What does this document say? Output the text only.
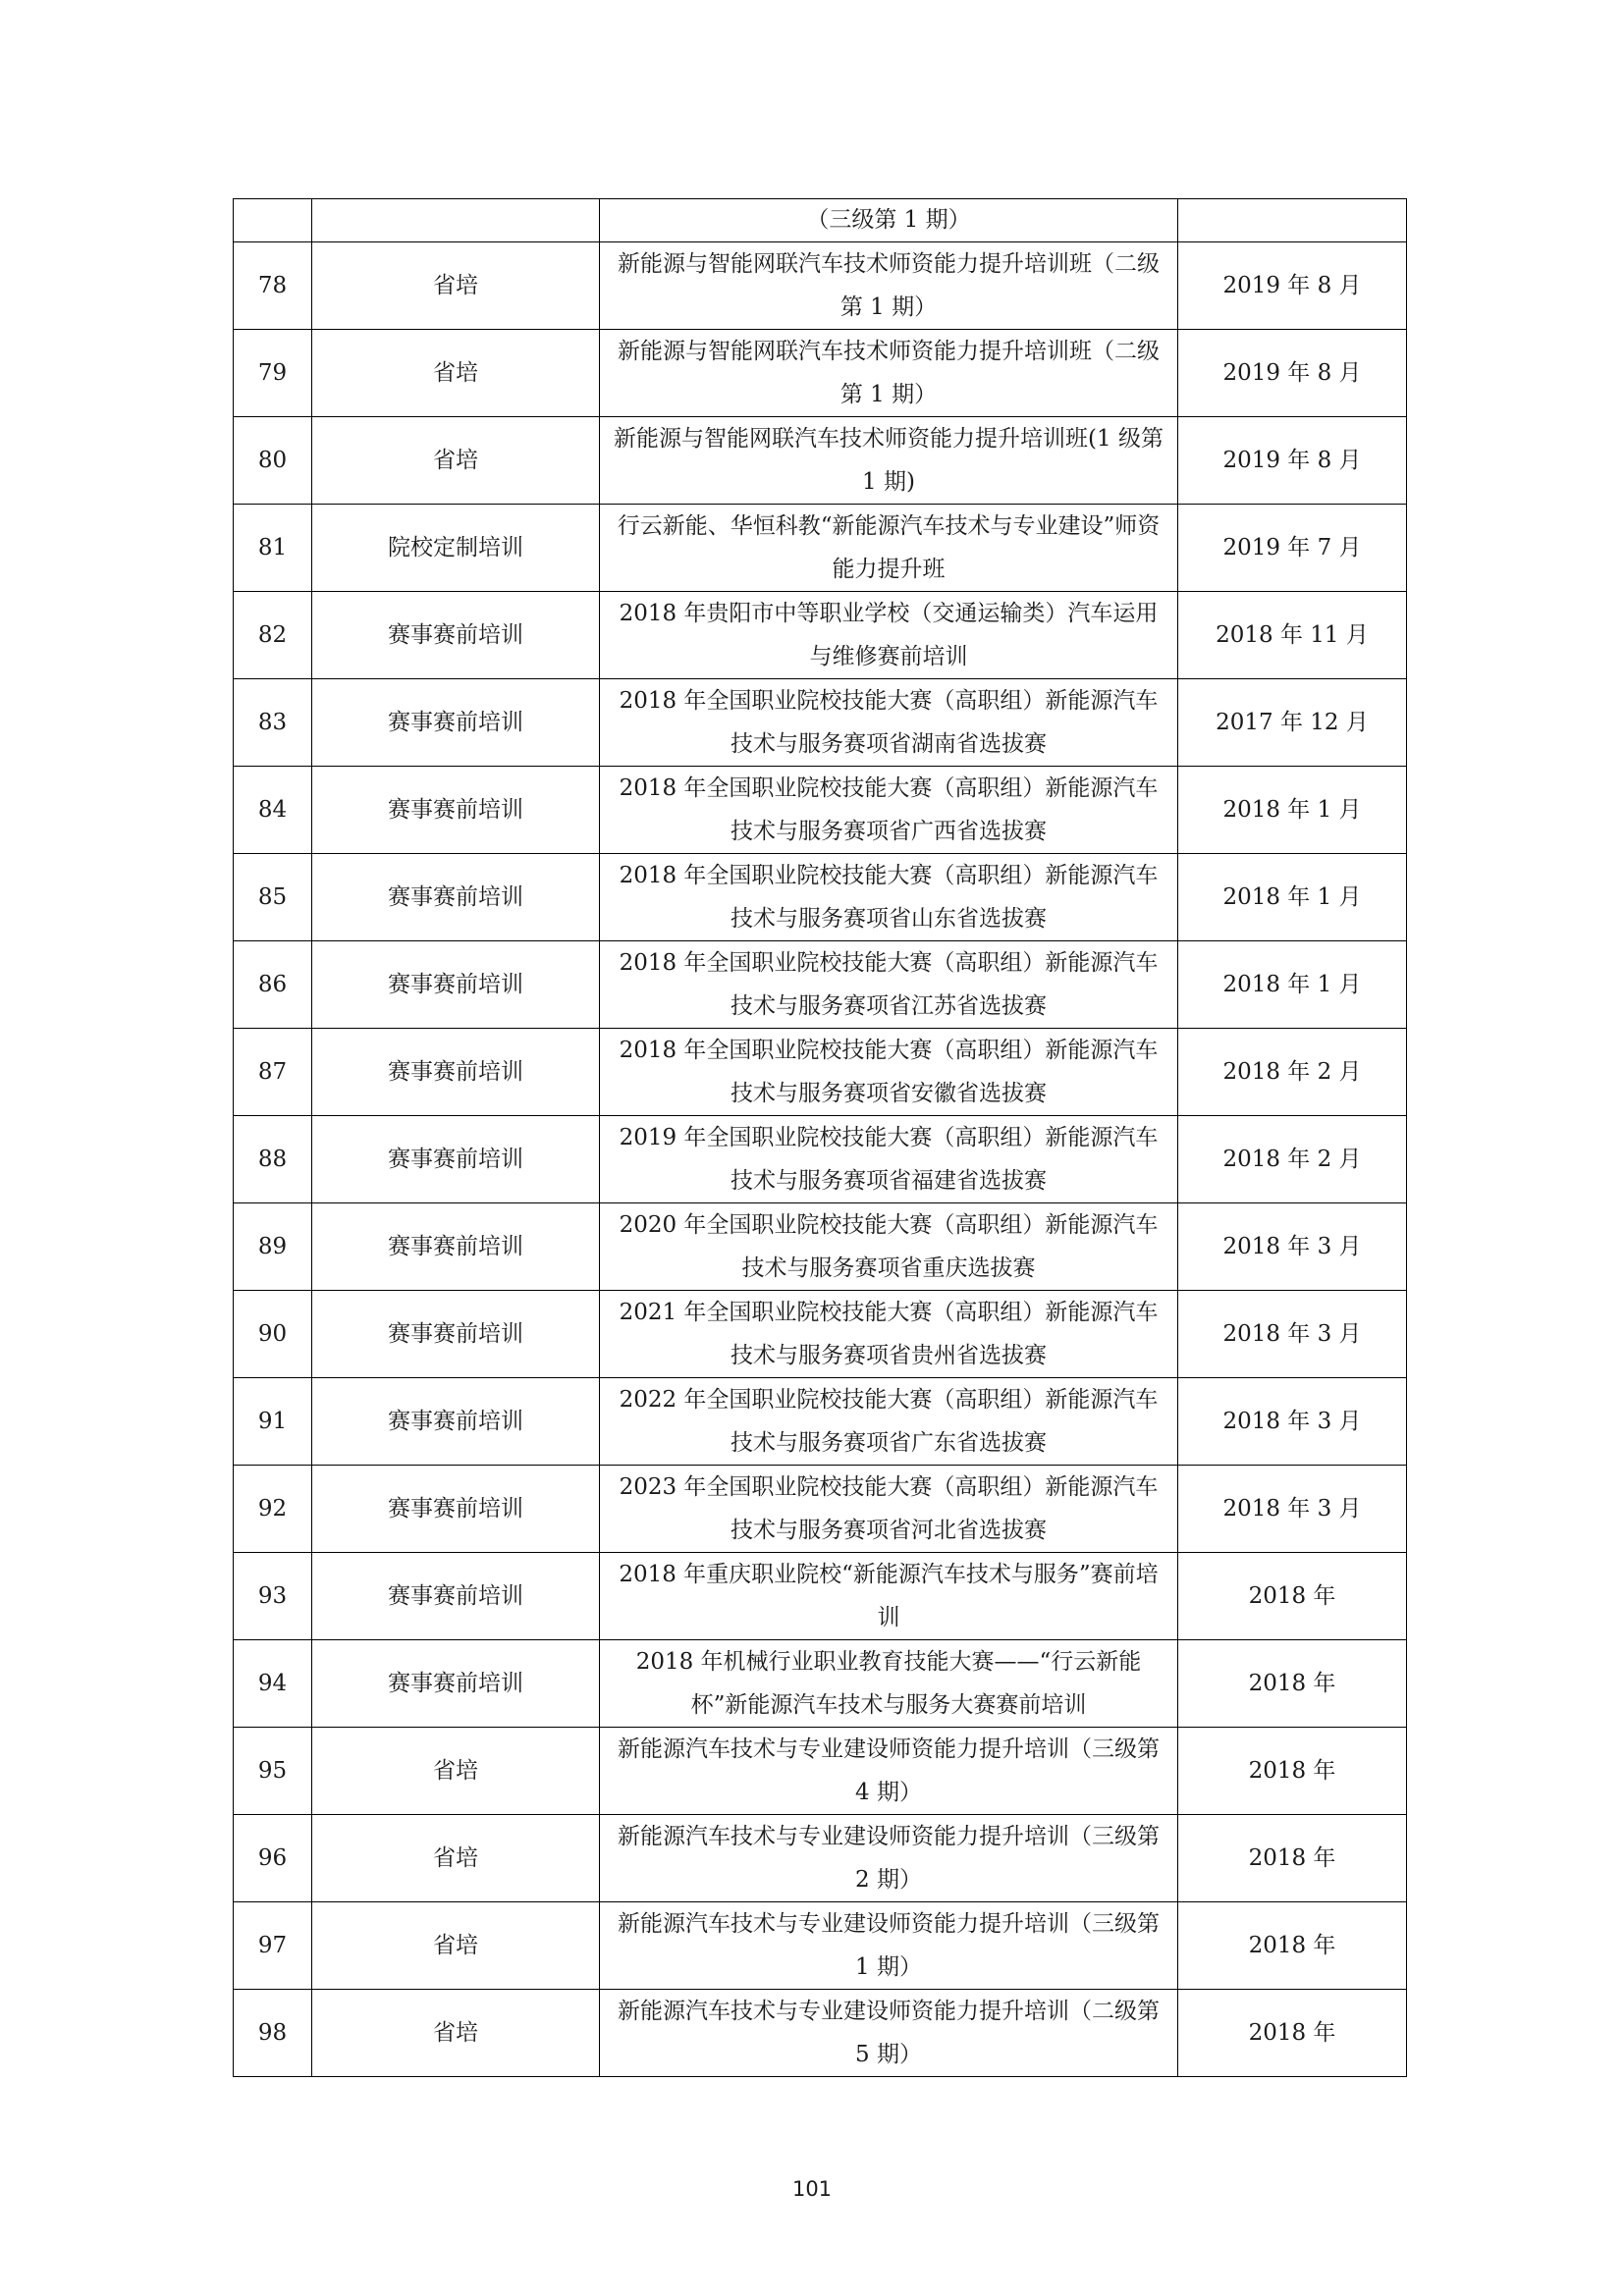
		（三级第 1 期）	
78	省培	新能源与智能网联汽车技术师资能力提升培训班（二级第 1 期）	2019 年 8 月
79	省培	新能源与智能网联汽车技术师资能力提升培训班（二级第 1 期）	2019 年 8 月
80	省培	新能源与智能网联汽车技术师资能力提升培训班(1 级第 1 期)	2019 年 8 月
81	院校定制培训	行云新能、华恒科教“新能源汽车技术与专业建设”师资能力提升班	2019 年 7 月
82	赛事赛前培训	2018 年贵阳市中等职业学校（交通运输类）汽车运用与维修赛前培训	2018 年 11 月
83	赛事赛前培训	2018 年全国职业院校技能大赛（高职组）新能源汽车技术与服务赛项省湖南省选拔赛	2017 年 12 月
84	赛事赛前培训	2018 年全国职业院校技能大赛（高职组）新能源汽车技术与服务赛项省广西省选拔赛	2018 年 1 月
85	赛事赛前培训	2018 年全国职业院校技能大赛（高职组）新能源汽车技术与服务赛项省山东省选拔赛	2018 年 1 月
86	赛事赛前培训	2018 年全国职业院校技能大赛（高职组）新能源汽车技术与服务赛项省江苏省选拔赛	2018 年 1 月
87	赛事赛前培训	2018 年全国职业院校技能大赛（高职组）新能源汽车技术与服务赛项省安徽省选拔赛	2018 年 2 月
88	赛事赛前培训	2019 年全国职业院校技能大赛（高职组）新能源汽车技术与服务赛项省福建省选拔赛	2018 年 2 月
89	赛事赛前培训	2020 年全国职业院校技能大赛（高职组）新能源汽车技术与服务赛项省重庆选拔赛	2018 年 3 月
90	赛事赛前培训	2021 年全国职业院校技能大赛（高职组）新能源汽车技术与服务赛项省贵州省选拔赛	2018 年 3 月
91	赛事赛前培训	2022 年全国职业院校技能大赛（高职组）新能源汽车技术与服务赛项省广东省选拔赛	2018 年 3 月
92	赛事赛前培训	2023 年全国职业院校技能大赛（高职组）新能源汽车技术与服务赛项省河北省选拔赛	2018 年 3 月
93	赛事赛前培训	2018 年重庆职业院校“新能源汽车技术与服务”赛前培训	2018 年
94	赛事赛前培训	2018 年机械行业职业教育技能大赛——“行云新能杯”新能源汽车技术与服务大赛赛前培训	2018 年
95	省培	新能源汽车技术与专业建设师资能力提升培训（三级第 4 期）	2018 年
96	省培	新能源汽车技术与专业建设师资能力提升培训（三级第 2 期）	2018 年
97	省培	新能源汽车技术与专业建设师资能力提升培训（三级第 1 期）	2018 年
98	省培	新能源汽车技术与专业建设师资能力提升培训（二级第 5 期）	2018 年
101
